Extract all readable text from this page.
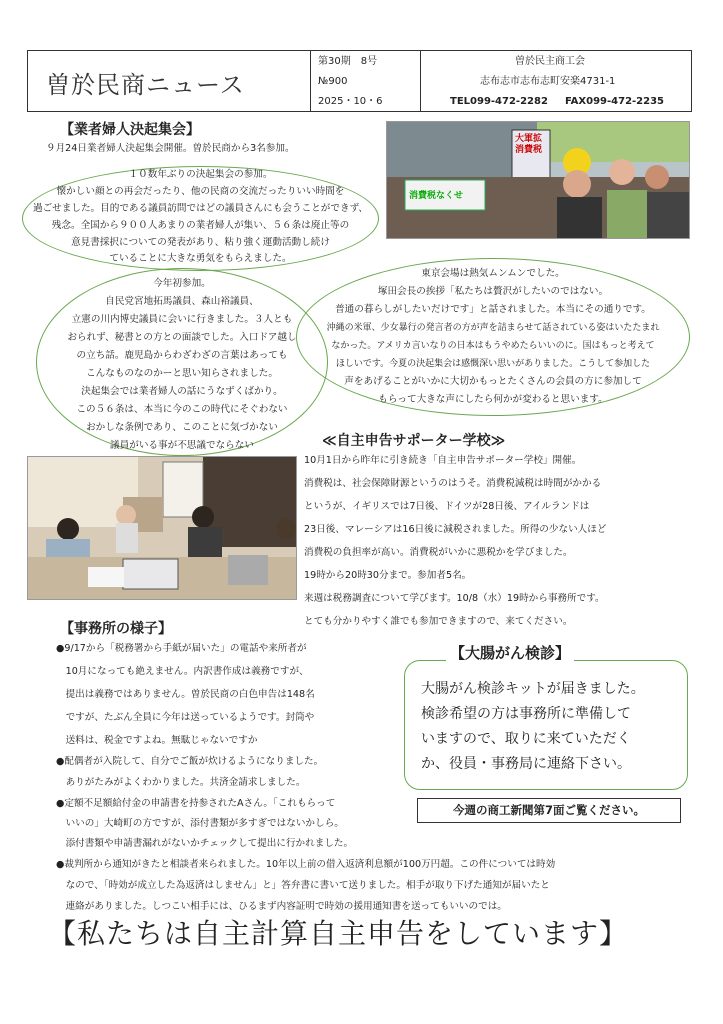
曽於民商ニュース
第30期　8号
№900
2025・10・6
曽於民主商工会
志布志市志布志町安楽4731-1
TEL099-472-2282 FAX099-472-2235
【業者婦人決起集会】
９月24日業者婦人決起集会開催。曽於民商から3名参加。
大軍拡 消費税
消費税なくせ
１０数年ぶりの決起集会の参加。
懐かしい顔との再会だったり、他の民商の交流だったりいい時間を
過ごせました。目的である議員訪問ではどの議員さんにも会うことができず、
残念。全国から９００人あまりの業者婦人が集い、５６条は廃止等の
意見書採択についての発表があり、粘り強く運動活動し続け
ていることに大きな勇気をもらえました。
今年初参加。
自民党宮地拓馬議員、森山裕議員、
立憲の川内博史議員に会いに行きました。３人とも
おられず、秘書との方との面談でした。入口ドア越し
の立ち話。鹿児島からわざわざの言葉はあっても
こんなものなのかーと思い知らされました。
決起集会では業者婦人の話にうなずくばかり。
この５６条は、本当に今のこの時代にそぐわない
おかしな条例であり、このことに気づかない
議員がいる事が不思議でならない
東京会場は熱気ムンムンでした。
塚田会長の挨拶「私たちは贅沢がしたいのではない。
普通の暮らしがしたいだけです」と話されました。本当にその通りです。
沖縄の米軍、少女暴行の発言者の方が声を詰まらせて話されている姿はいたたまれ
なかった。アメリカ言いなりの日本はもうやめたらいいのに。国はもっと考えて
ほしいです。今夏の決起集会は感慨深い思いがありました。こうして参加した
声をあげることがいかに大切かもっとたくさんの会員の方に参加して
もらって大きな声にしたら何かが変わると思います。
≪自主申告サポーター学校≫
10月1日から昨年に引き続き「自主申告サポーター学校」開催。
消費税は、社会保障財源というのはうそ。消費税減税は時間がかかる
というが、イギリスでは7日後、ドイツが28日後、アイルランドは
23日後、マレーシアは16日後に減税されました。所得の少ない人ほど
消費税の負担率が高い。消費税がいかに悪税かを学びました。
19時から20時30分まで。参加者5名。
来週は税務調査について学びます。10/8（水）19時から事務所です。
とても分かりやすく誰でも参加できますので、来てください。
【事務所の様子】
●9/17から「税務署から手紙が届いた」の電話や来所者が
　10月になっても絶えません。内訳書作成は義務ですが、
　提出は義務ではありません。曽於民商の白色申告は148名
　ですが、たぶん全員に今年は送っているようです。封筒や
　送料は、税金ですよね。無駄じゃないですか
●配偶者が入院して、自分でご飯が炊けるようになりました。
　ありがたみがよくわかりました。共済金請求しました。
●定額不足額給付金の申請書を持参されたAさん。「これもらって
　いいの」大崎町の方ですが、添付書類が多すぎではないかしら。
　添付書類や申請書漏れがないかチェックして提出に行かれました。
●裁判所から通知がきたと相談者来られました。10年以上前の借入返済利息額が100万円超。この件については時効
　なので、「時効が成立した為返済はしません」と」答弁書に書いて送りました。相手が取り下げた通知が届いたと
　連絡がありました。しつこい相手には、ひるまず内容証明で時効の援用通知書を送ってもいいのでは。
【大腸がん検診】
大腸がん検診キットが届きました。
検診希望の方は事務所に準備して
いますので、取りに来ていただく
か、役員・事務局に連絡下さい。
今週の商工新聞第7面ご覧ください。
【私たちは自主計算自主申告をしています】
